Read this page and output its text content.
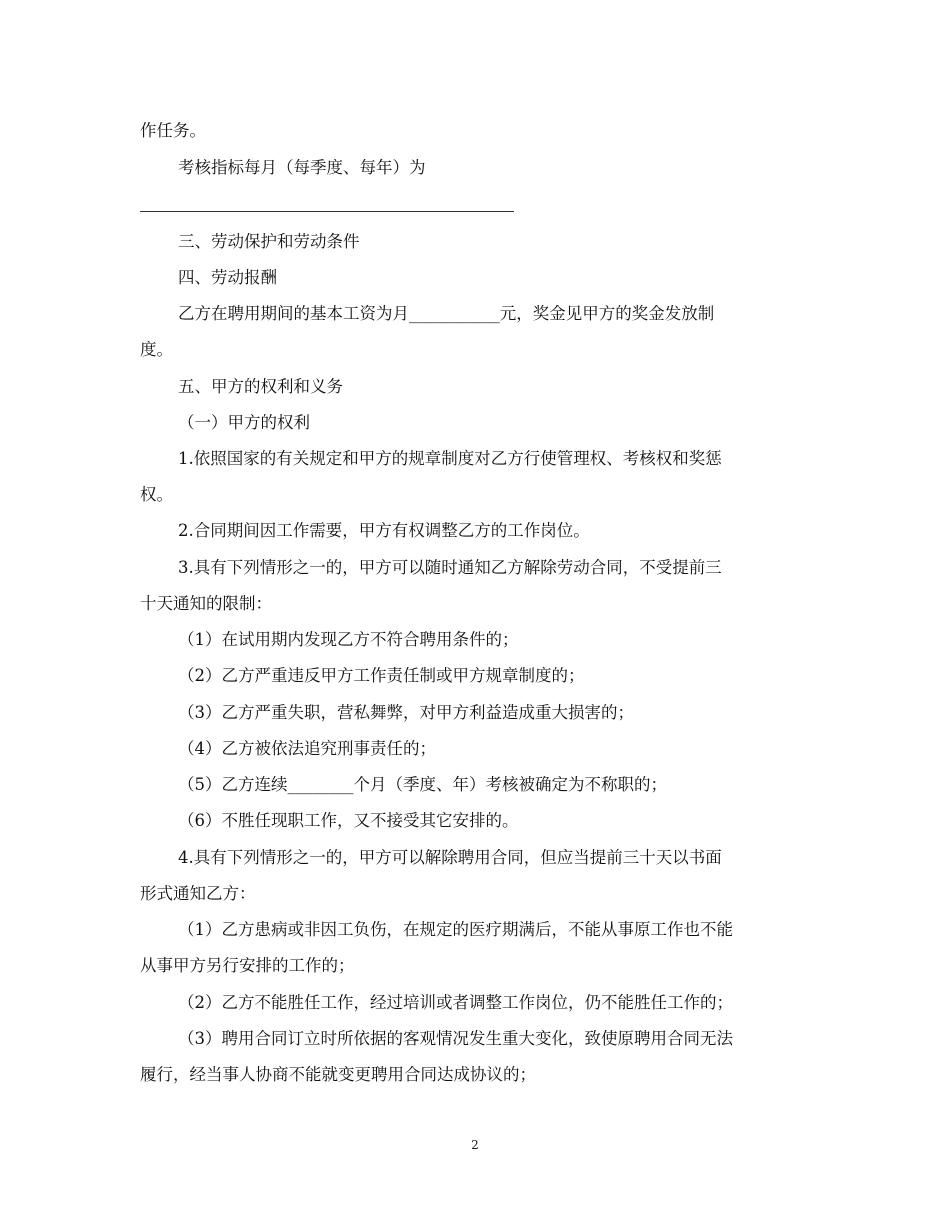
作任务。
考核指标每月（每季度、每年）为
三、劳动保护和劳动条件
四、劳动报酬
乙方在聘用期间的基本工资为月___________元，奖金见甲方的奖金发放制
度。
五、甲方的权利和义务
（一）甲方的权利
1.依照国家的有关规定和甲方的规章制度对乙方行使管理权、考核权和奖惩
权。
2.合同期间因工作需要，甲方有权调整乙方的工作岗位。
3.具有下列情形之一的，甲方可以随时通知乙方解除劳动合同，不受提前三
十天通知的限制：
（1）在试用期内发现乙方不符合聘用条件的；
（2）乙方严重违反甲方工作责任制或甲方规章制度的；
（3）乙方严重失职，营私舞弊，对甲方利益造成重大损害的；
（4）乙方被依法追究刑事责任的；
（5）乙方连续________个月（季度、年）考核被确定为不称职的；
（6）不胜任现职工作，又不接受其它安排的。
4.具有下列情形之一的，甲方可以解除聘用合同，但应当提前三十天以书面
形式通知乙方：
（1）乙方患病或非因工负伤，在规定的医疗期满后，不能从事原工作也不能
从事甲方另行安排的工作的；
（2）乙方不能胜任工作，经过培训或者调整工作岗位，仍不能胜任工作的；
（3）聘用合同订立时所依据的客观情况发生重大变化，致使原聘用合同无法
履行，经当事人协商不能就变更聘用合同达成协议的；
2
